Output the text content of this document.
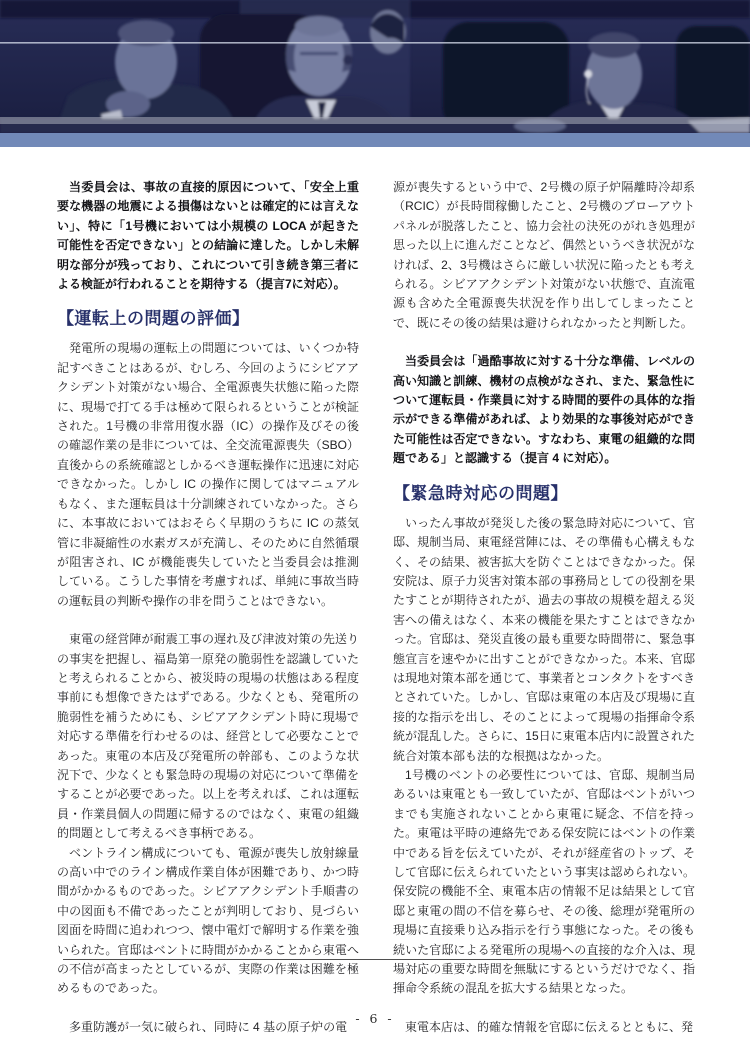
当委員会は、事故の直接的原因について、「安全上重要な機器の地震による損傷はないとは確定的には言えない」、特に「1号機においては小規模の LOCA が起きた可能性を否定できない」との結論に達した。しかし未解明な部分が残っており、これについて引き続き第三者による検証が行われることを期待する（提言7に対応）。

【運転上の問題の評価】

発電所の現場の運転上の問題については、いくつか特記すべきことはあるが、むしろ、今回のようにシビアアクシデント対策がない場合、全電源喪失状態に陥った際に、現場で打てる手は極めて限られるということが検証された。1号機の非常用復水器（IC）の操作及びその後の確認作業の是非については、全交流電源喪失（SBO）直後からの系統確認としかるべき運転操作に迅速に対応できなかった。しかし IC の操作に関してはマニュアルもなく、また運転員は十分訓練されていなかった。さらに、本事故においてはおそらく早期のうちに IC の蒸気管に非凝縮性の水素ガスが充満し、そのために自然循環が阻害され、IC が機能喪失していたと当委員会は推測している。こうした事情を考慮すれば、単純に事故当時の運転員の判断や操作の非を問うことはできない。

東電の経営陣が耐震工事の遅れ及び津波対策の先送りの事実を把握し、福島第一原発の脆弱性を認識していたと考えられることから、被災時の現場の状態はある程度事前にも想像できたはずである。少なくとも、発電所の脆弱性を補うためにも、シビアアクシデント時に現場で対応する準備を行わせるのは、経営として必要なことであった。東電の本店及び発電所の幹部も、このような状況下で、少なくとも緊急時の現場の対応について準備をすることが必要であった。以上を考えれば、これは運転員・作業員個人の問題に帰するのではなく、東電の組織的問題として考えるべき事柄である。

ベントライン構成についても、電源が喪失し放射線量の高い中でのライン構成作業自体が困難であり、かつ時間がかかるものであった。シビアアクシデント手順書の中の図面も不備であったことが判明しており、見づらい図面を時間に追われつつ、懐中電灯で解明する作業を強いられた。官邸はベントに時間がかかることから東電への不信が高まったとしているが、実際の作業は困難を極めるものであった。

多重防護が一気に破られ、同時に 4 基の原子炉の電

源が喪失するという中で、2号機の原子炉隔離時冷却系（RCIC）が長時間稼働したこと、2号機のブローアウトパネルが脱落したこと、協力会社の決死のがれき処理が思った以上に進んだことなど、偶然というべき状況がなければ、2、3号機はさらに厳しい状況に陥ったとも考えられる。シビアアクシデント対策がない状態で、直流電源も含めた全電源喪失状況を作り出してしまったことで、既にその後の結果は避けられなかったと判断した。

当委員会は「過酷事故に対する十分な準備、レベルの高い知識と訓練、機材の点検がなされ、また、緊急性について運転員・作業員に対する時間的要件の具体的な指示ができる準備があれば、より効果的な事後対応ができた可能性は否定できない。すなわち、東電の組織的な問題である」と認識する（提言 4 に対応）。

【緊急時対応の問題】

いったん事故が発災した後の緊急時対応について、官邸、規制当局、東電経営陣には、その準備も心構えもなく、その結果、被害拡大を防ぐことはできなかった。保安院は、原子力災害対策本部の事務局としての役割を果たすことが期待されたが、過去の事故の規模を超える災害への備えはなく、本来の機能を果たすことはできなかった。官邸は、発災直後の最も重要な時間帯に、緊急事態宣言を速やかに出すことができなかった。本来、官邸は現地対策本部を通じて、事業者とコンタクトをすべきとされていた。しかし、官邸は東電の本店及び現場に直接的な指示を出し、そのことによって現場の指揮命令系統が混乱した。さらに、15日に東電本店内に設置された統合対策本部も法的な根拠はなかった。

1号機のベントの必要性については、官邸、規制当局あるいは東電とも一致していたが、官邸はベントがいつまでも実施されないことから東電に疑念、不信を持った。東電は平時の連絡先である保安院にはベントの作業中である旨を伝えていたが、それが経産省のトップ、そして官邸に伝えられていたという事実は認められない。保安院の機能不全、東電本店の情報不足は結果として官邸と東電の間の不信を募らせ、その後、総理が発電所の現場に直接乗り込み指示を行う事態になった。その後も続いた官邸による発電所の現場への直接的な介入は、現場対応の重要な時間を無駄にするというだけでなく、指揮命令系統の混乱を拡大する結果となった。

東電本店は、的確な情報を官邸に伝えるとともに、発

- 6 -
